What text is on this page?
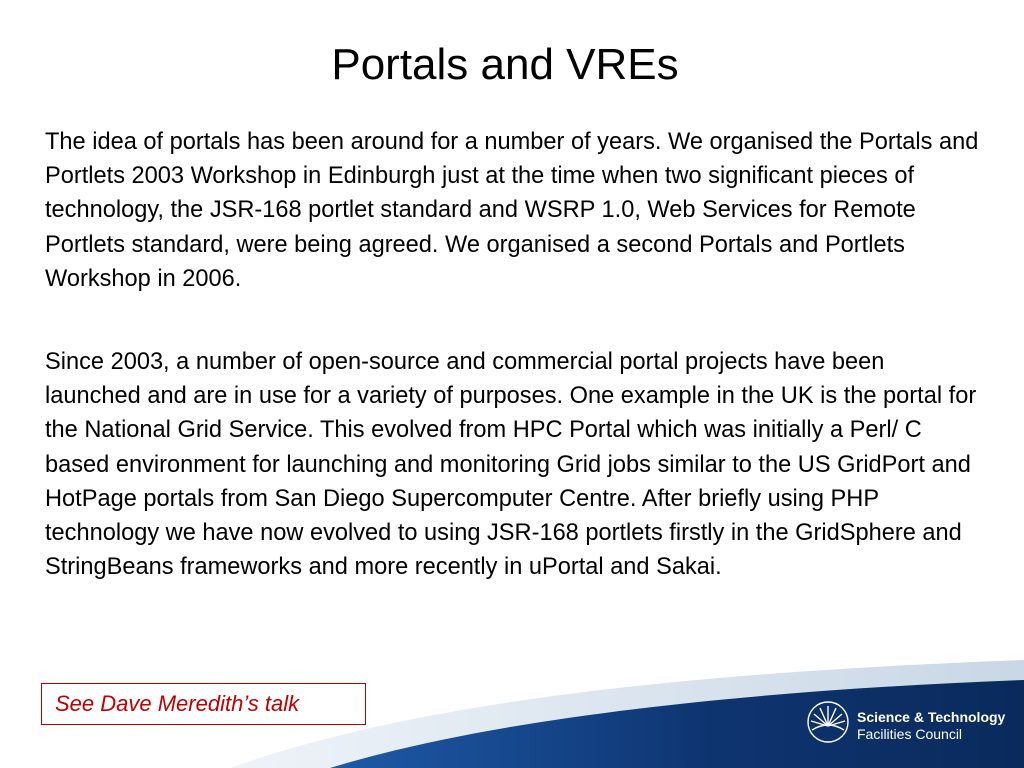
Portals and VREs

The idea of portals has been around for a number of years. We organised the Portals and Portlets 2003 Workshop in Edinburgh just at the time when two significant pieces of technology, the JSR-168 portlet standard and WSRP 1.0, Web Services for Remote Portlets standard, were being agreed. We organised a second Portals and Portlets Workshop in 2006.

Since 2003, a number of open-source and commercial portal projects have been launched and are in use for a variety of purposes. One example in the UK is the portal for the National Grid Service. This evolved from HPC Portal which was initially a Perl/ C based environment for launching and monitoring Grid jobs similar to the US GridPort and HotPage portals from San Diego Supercomputer Centre. After briefly using PHP technology we have now evolved to using JSR-168 portlets firstly in the GridSphere and StringBeans frameworks and more recently in uPortal and Sakai.

See Dave Meredith’s talk
Science & Technology
Facilities Council
